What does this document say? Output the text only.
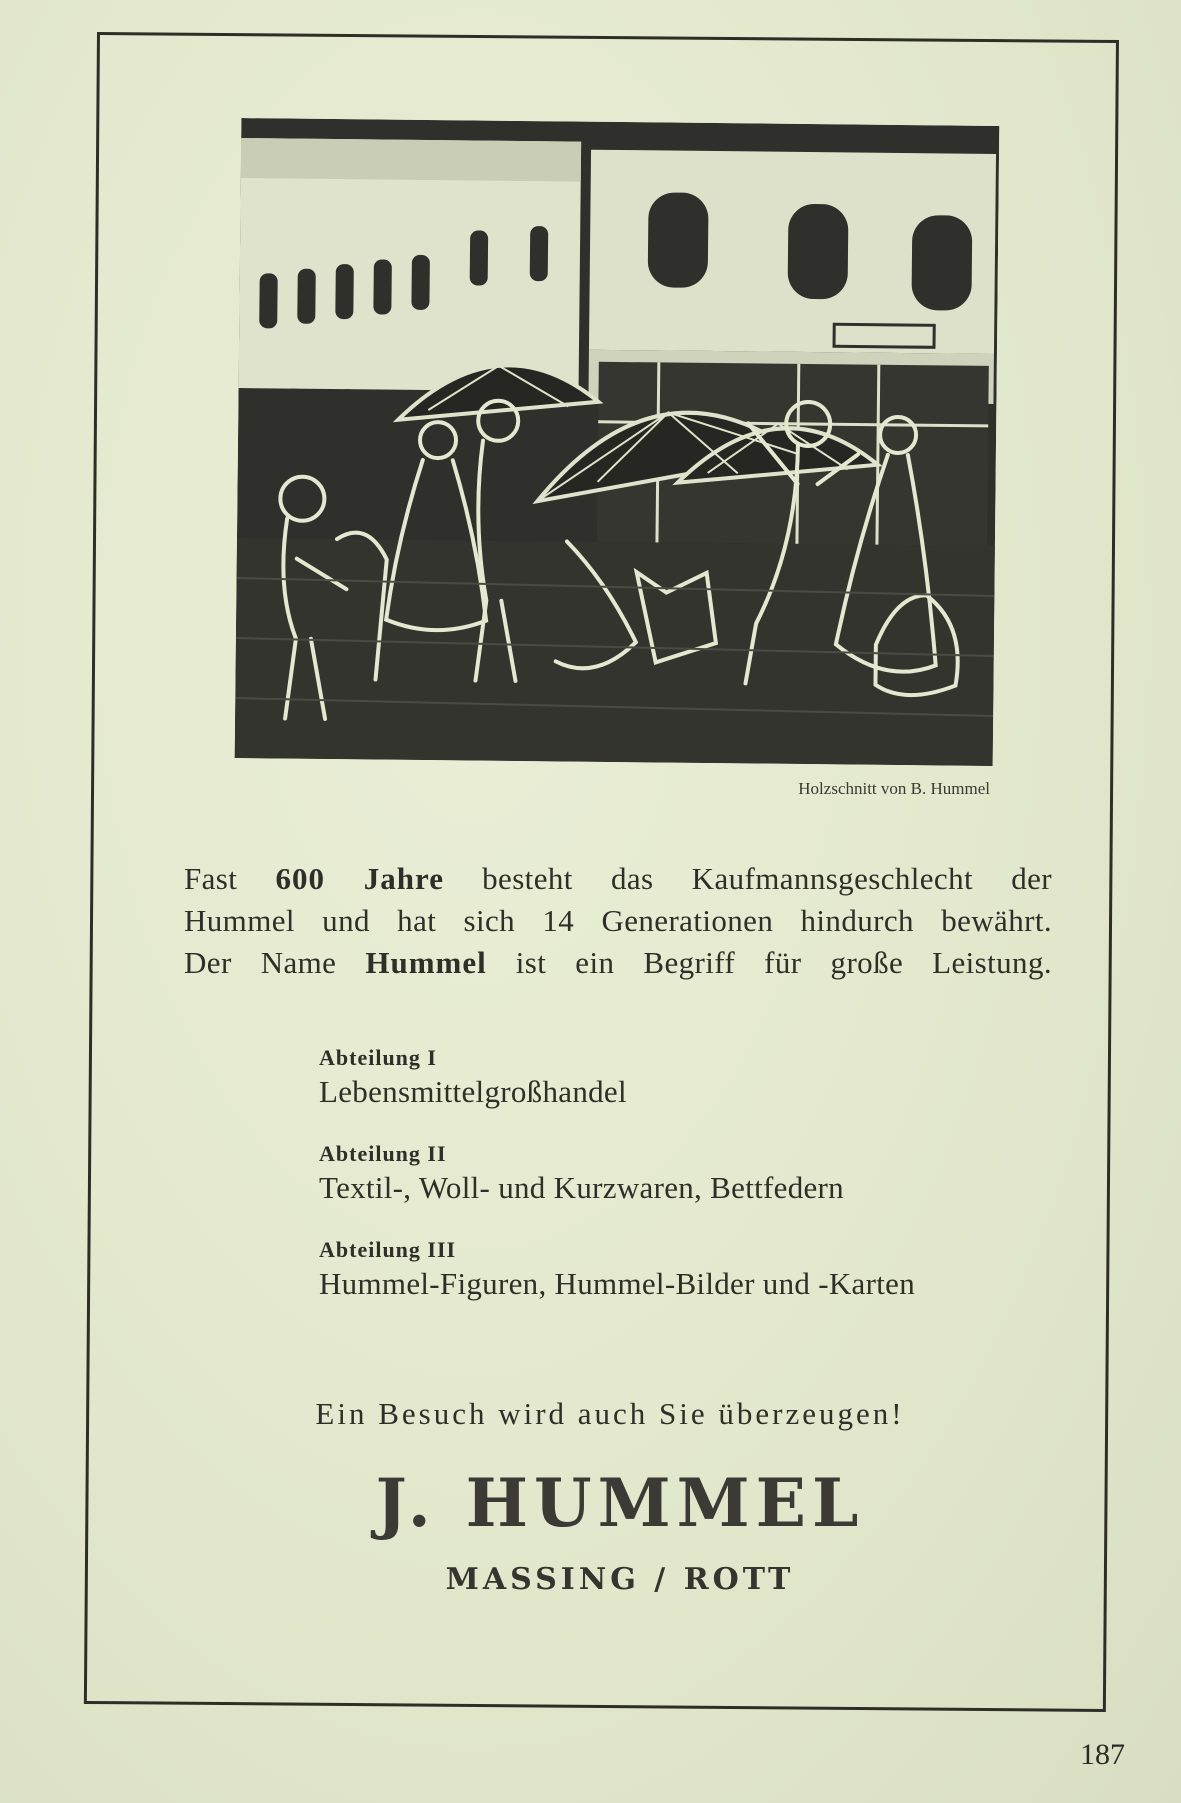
Holzschnitt von B. Hummel
Fast 600 Jahre besteht das Kaufmannsgeschlecht der
Hummel und hat sich 14 Generationen hindurch bewährt.
Der Name Hummel ist ein Begriff für große Leistung.
Abteilung I
Lebensmittelgroßhandel
Abteilung II
Textil-, Woll- und Kurzwaren, Bettfedern
Abteilung III
Hummel-Figuren, Hummel-Bilder und -Karten
Ein Besuch wird auch Sie überzeugen!
J. HUMMEL
MASSING / ROTT
187
